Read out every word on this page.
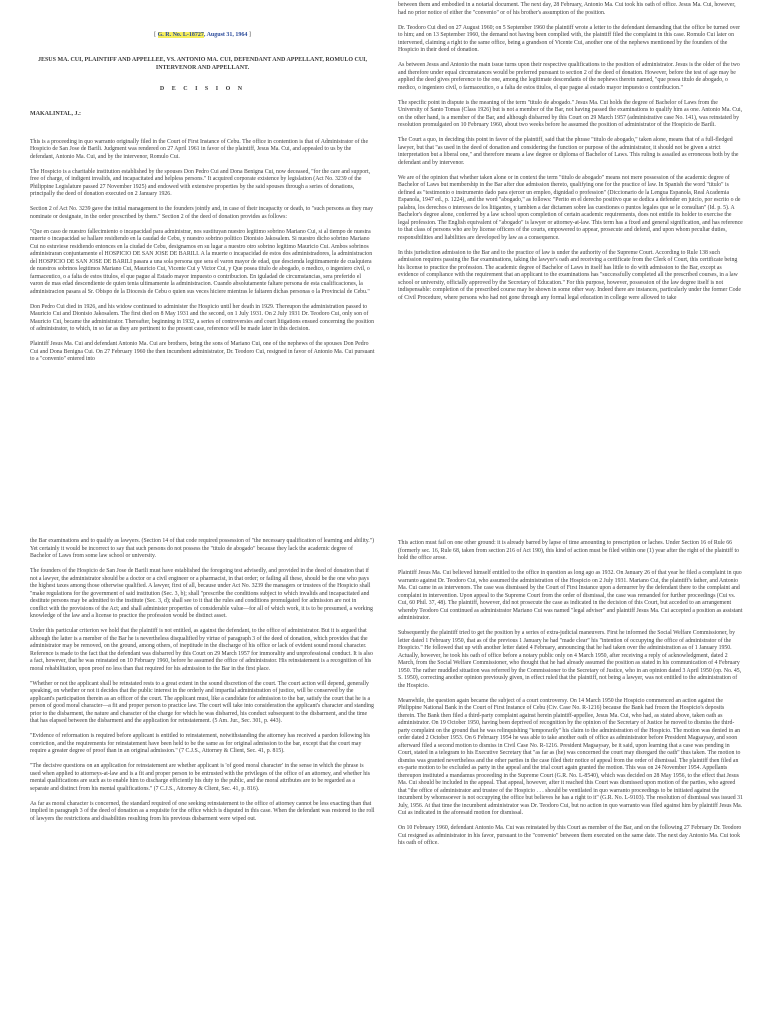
[ G. R. No. L-18727, August 31, 1964 ]

JESUS MA. CUI, PLAINTIFF AND APPELLEE, VS. ANTONIO MA. CUI, DEFENDANT AND APPELLANT, ROMULO CUI, INTERVENOR AND APPELLANT.

D E C I S I O N

MAKALINTAL, J.:

This is a proceeding in quo warranto originally filed in the Court of First Instance of Cebu. The office in contention is that of Administrator of the Hospicio de San Jose de Barili. Judgment was rendered on 27 April 1961 in favor of the plaintiff, Jesus Ma. Cui, and appealed to us by the defendant, Antonio Ma. Cui, and by the intervenor, Romulo Cui.

The Hospicio is a charitable institution established by the spouses Don Pedro Cui and Dona Benigna Cui, now deceased, "for the care and support, free of charge, of indigent invalids, and incapacitated and helpless persons." It acquired corporate existence by legislation (Act No. 3239 of the Philippine Legislature passed 27 November 1925) and endowed with extensive properties by the said spouses through a series of donations, principally the deed of donation executed on 2 January 1926.

Section 2 of Act No. 3239 gave the initial management to the founders jointly and, in case of their incapacity or death, to "such persons as they may nominate or designate, in the order prescribed by them." Section 2 of the deed of donation provides as follows:

"Que en caso de nuestro fallecimiento o incapacidad para administrar, nos sustituyan nuestro legitimo sobrino Mariano Cui, si al tiempo de nuestra muerte o incapacidad se hallare residiendo en la caudad de Cebu, y nuestro sobrino politico Dionisio Jakosalem. Si nuestro dicho sobrino Mariano Cui no estuviese residiendo entonces en la ciudad de Cebu, designamos en su lugar a nuestro otro sobrino legitimo Mauricio Cui. Ambos sobrinos administraran conjuntamente el HOSPICIO DE SAN JOSE DE BARILI. A la muerte o incapacidad de estos dos administradores, la administracion del HOSPICIO DE SAN JOSE DE BARILI pasara a una sola persona que sera el varon mayor de edad, que descienda legitimamente de cualquiera de nuestros sobrinos legitimos Mariano Cui, Mauricio Cui, Vicente Cui y Victor Cui, y Que posea titulo de abogado, o medico, o ingeniero civil, o farmaceutico, o a falta de estos titulos, el que pague al Estado mayor impuesto o contribucion. En iguladad de circumstancias, sera preferido el varon de mas edad descendiente de quien tenia ultimamente la administracion. Cuando absolutamente faltare persona de esta cualificaciones, la administracion pasara al Sr. Obispo de la Diocesis de Cebu o quien sus veces hiciere mientras le faltaren dichas personas o la Provincial de Cebu."

Don Pedro Cui died in 1926, and his widow continued to administer the Hospicio until her death in 1929. Thereupon the administration passed to Mauricio Cui and Dionisio Jakosalem. The first died on 8 May 1931 and the second, on 1 July 1931. On 2 July 1931 Dr. Teodoro Cui, only son of Mauricio Cui, became the administrator. Thereafter, beginning in 1932, a series of controversies and court litigations ensued concerning the position of administrator, to which, in so far as they are pertinent to the present case, reference will be made later in this decision.

Plaintiff Jesus Ma. Cui and defendant Antonio Ma. Cui are brothers, being the sons of Mariano Cui, one of the nephews of the spouses Don Pedro Cui and Dona Benigna Cui. On 27 February 1960 the then incumbent administrator, Dr. Teodoro Cui, resigned in favor of Antonio Ma. Cui pursuant to a "convenio" entered into

between them and embodied in a notarial document. The next day, 28 February, Antonio Ma. Cui took his oath of office. Jesus Ma. Cui, however, had no prior notice of either the "convenio" or of his brother's assumption of the position.

Dr. Teodoro Cui died on 27 August 1960; on 5 September 1960 the plaintiff wrote a letter to the defendant demanding that the office be turned over to him; and on 13 September 1960, the demand not having been complied with, the plaintiff filed the complaint in this case. Romulo Cui later on intervened, claiming a right to the same office, being a grandson of Vicente Cui, another one of the nephews mentioned by the founders of the Hospicio in their deed of donation.

As between Jesus and Antonio the main issue turns upon their respective qualifications to the position of administrator. Jesus is the older of the two and therefore under equal circumstances would be preferred pursuant to section 2 of the deed of donation. However, before the test of age may be applied the deed gives preference to the one, among the legitimate descendants of the nephews therein named, "que posea titulo de abogado, o medico, o ingeniero civil, o farmaceutico, o a falta de estos titulos, el que pague al estado mayor impuesto o contribucion."

The specific point in dispute is the meaning of the term "titulo de abogado." Jesus Ma. Cui holds the degree of Bachelor of Laws from the University of Santo Tomas (Class 1926) but is not a member of the Bar, not having passed the examinations to qualify him as one. Antonio Ma. Cui, on the other hand, is a member of the Bar, and although disbarred by this Court on 29 March 1957 (administrative case No. 141), was reinstated by resolution promulgated on 10 February 1960, about two weeks before he assumed the position of administrator of the Hospicio de Barili.

The Court a quo, in deciding this point in favor of the plaintiff, said that the phrase "titulo de abogado," taken alone, means that of a full-fledged lawyer, but that "as used in the deed of donation and considering the function or purpose of the administrator, it should not be given a strict interpretation but a liberal one," and therefore means a law degree or diploma of Bachelor of Laws. This ruling is assailed as erroneous both by the defendant and by intervenor.

We are of the opinion that whether taken alone or in context the term "titulo de abogado" means not mere possession of the academic degree of Bachelor of Laws but membership in the Bar after due admission thereto, qualifying one for the practice of law. In Spanish the word "titulo" is defined as "testimonio o instrumento dado para ejercer un empleo, dignidad o profession" (Diccionario de la Lengua Espanola, Real Academia Espanola, 1947 ed., p. 1224), and the word "abogado," as follows: "Perito en el derecho positivo que se dedica a defender en juicio, por escrito o de palabra, los derechos o intereses de los litigantes, y tambien a dar dictamen sobre las cuestiones o puntos legales que se le consultan" (Id. p. 5). A Bachelor's degree alone, conferred by a law school upon completion of certain academic requirements, does not entitle its holder to exercise the legal profession. The English equivalent of "abogado" is lawyer or attorney-at-law. This term has a fixed and general signification, and has reference to that class of persons who are by license officers of the courts, empowered to appear, prosecute and defend, and upon whom peculiar duties, responsibilities and liabilities are developed by law as a consequence.

In this jurisdiction admission to the Bar and to the practice of law is under the authority of the Supreme Court. According to Rule 138 such admission requires passing the Bar examinations, taking the lawyer's oath and receiving a certificate from the Clerk of Court, this certificate being his license to practice the profession. The academic degree of Bachelor of Laws in itself has little to do with admission to the Bar, except as evidence of compliance with the requirement that an applicant to the examinations has "successfully completed all the prescribed courses, in a law school or university, officially approved by the Secretary of Education." For this purpose, however, possession of the law degree itself is not indispensable: completion of the prescribed course may be shown in some other way. Indeed there are instances, particularly under the former Code of Civil Procedure, where persons who had not gone through any formal legal education in college were allowed to take

the Bar examinations and to qualify as lawyers. (Section 14 of that code required possession of "the necessary qualification of learning and ability.") Yet certainly it would be incorrect to say that such persons do not possess the "titulo de abogado" because they lack the academic degree of Bachelor of Laws from some law school or university.

The founders of the Hospicio de San Jose de Barili must have established the foregoing test advisedly, and provided in the deed of donation that if not a lawyer, the administrator should be a doctor or a civil engineer or a pharmacist, in that order; or failing all these, should be the one who pays the highest taxes among those otherwise qualified. A lawyer, first of all, because under Act No. 3239 the managers or trustees of the Hospicio shall "make regulations for the government of said institution (Sec. 3, b); shall "prescribe the conditions subject to which invalids and incapacitated and destitute persons may be admitted to the institute (Sec. 3, d); shall see to it that the rules and conditions promulgated for admission are not in conflict with the provisions of the Act; and shall administer properties of considerable value—for all of which work, it is to be presumed, a working knowledge of the law and a license to practice the profession would be distinct asset.

Under this particular criterion we hold that the plaintiff is not entitled, as against the defendant, to the office of administrator. But it is argued that although the latter is a member of the Bar he is nevertheless disqualified by virtue of paragraph 3 of the deed of donation, which provides that the administrator may be removed, on the ground, among others, of ineptitude in the discharge of his office or lack of evident sound moral character. Reference is made to the fact that the defendant was disbarred by this Court on 29 March 1957 for immorality and unprofessional conduct. It is also a fact, however, that he was reinstated on 10 February 1960, before he assumed the office of administrator. His reinstatement is a recognition of his moral rehabilitation, upon proof no less than that required for his admission to the Bar in the first place.

"Whether or not the applicant shall be reinstated rests to a great extent in the sound discretion of the court. The court action will depend, generally speaking, on whether or not it decides that the public interest in the orderly and impartial administration of justice, will be conserved by the applicant's participation therein as an officer of the court. The applicant must, like a candidate for admission to the bar, satisfy the court that he is a person of good moral character—a fit and proper person to practice law. The court will take into consideration the applicant's character and standing prior to the disbarment, the nature and character of the charge for which he was disbarred, his conduct subsequent to the disbarment, and the time that has elapsed between the disbarment and the application for reinstatement. (5 Am. Jur., Sec. 301, p. 443).

"Evidence of reformation is required before applicant is entitled to reinstatement, notwithstanding the attorney has received a pardon following his conviction, and the requirements for reinstatement have been held to be the same as for original admission to the bar, except that the court may require a greater degree of proof than in an original admission." (7 C.J.S., Attorney & Client, Sec. 41, p. 815).

"The decisive questions on an application for reinstatement are whether applicant is 'of good moral character' in the sense in which the phrase is used when applied to attorneys-at-law and is a fit and proper person to be entrusted with the privileges of the office of an attorney, and whether his mental qualifications are such as to enable him to discharge efficiently his duty to the public, and the moral attributes are to be regarded as a separate and distinct from his mental qualifications." (7 C.J.S., Attorney & Client, Sec. 41, p. 816).

As far as moral character is concerned, the standard required of one seeking reinstatement to the office of attorney cannot be less exacting than that implied in paragraph 3 of the deed of donation as a requisite for the office which is disputed in this case. When the defendant was restored to the roll of lawyers the restrictions and disabilities resulting from his previous disbarment were wiped out.

This action must fail on one other ground: it is already barred by lapse of time amounting to prescription or laches. Under Section 16 of Rule 66 (formerly sec. 16, Rule 68, taken from section 216 of Act 190), this kind of action must be filed within one (1) year after the right of the plaintiff to hold the office arose.

Plaintiff Jesus Ma. Cui believed himself entitled to the office in question as long ago as 1932. On January 26 of that year he filed a complaint in quo warranto against Dr. Teodoro Cui, who assumed the administration of the Hospicio on 2 July 1931. Mariano Cui, the plaintiff's father, and Antonio Ma. Cui came in as intervenors. The case was dismissed by the Court of First Instance upon a demurrer by the defendant there to the complaint and complaint in intervention. Upon appeal to the Supreme Court from the order of dismissal, the case was remanded for further proceedings (Cui vs. Cui, 60 Phil. 37, 48). The plaintiff, however, did not prosecute the case as indicated in the decision of this Court, but acceded to an arrangement whereby Teodoro Cui continued as administrator Mariano Cui was named "legal adviser" and plaintiff Jesus Ma. Cui accepted a position as assistant administrator.

Subsequently the plaintiff tried to get the position by a series of extra-judicial maneuvers. First he informed the Social Welfare Commissioner, by letter dated 1 February 1950, that as of the previous 1 January he had "made clear" his "intention of occupying the office of administrator of the Hospicio." He followed that up with another letter dated 4 February, announcing that he had taken over the administration as of 1 January 1950. Actually, however, he took his oath of office before a notary public only on 4 March 1950, after receiving a reply of acknowledgment, dated 2 March, from the Social Welfare Commissioner, who thought that he had already assumed the position as stated in his communication of 4 February 1950. The rather muddled situation was referred by the Commissioner to the Secretary of Justice, who in an opinion dated 3 April 1950 (op. No. 45, S. 1950), correcting another opinion previously given, in effect ruled that the plaintiff, not being a lawyer, was not entitled to the administration of the Hospicio.

Meanwhile, the question again became the subject of a court controversy. On 14 March 1950 the Hospicio commenced an action against the Philippine National Bank in the Court of First Instance of Cebu (Civ. Case No. R-1216) because the Bank had frozen the Hospicio's deposits therein. The Bank then filed a third-party complaint against herein plaintiff-appellee, Jesus Ma. Cui, who had, as stated above, taken oath as administrator. On 19 October 1950, having been deprived of recognition by the opinion of the Secretary of Justice he moved to dismiss the third-party complaint on the ground that he was relinquishing "temporarily" his claim to the administration of the Hospicio. The motion was denied in an order dated 2 October 1953. On 6 February 1954 he was able to take another oath of office as administrator before President Magsaysay, and soon afterward filed a second motion to dismiss in Civil Case No. R-1216. President Magsaysay, be it said, upon learning that a case was pending in Court, stated in a telegram to his Executive Secretary that "as far as (he) was concerned the court may disregard the oath" thus taken. The motion to dismiss was granted nevertheless and the other parties in the case filed their notice of appeal from the order of dismissal. The plaintiff then filed an ex-parte motion to be excluded as party in the appeal and the trial court again granted the motion. This was on 24 November 1954. Appellants thereupon instituted a mandamus proceeding in the Supreme Court (G.R. No. L-8540), which was decided on 28 May 1956, to the effect that Jesus Ma. Cui should be included in the appeal. That appeal, however, after it reached this Court was dismissed upon motion of the parties, who agreed that "the office of administrator and trustee of the Hospicio . . . should be ventilated in quo warranto proceedings to be initiated against the incumbent by whomsoever is not occupying the office but believes he has a right to it" (G.R. No. L-9103). The resolution of dismissal was issued 31 July, 1956. At that time the incumbent administrator was Dr. Teodoro Cui, but no action in quo warranto was filed against him by plaintiff Jesus Ma. Cui as indicated in the aforesaid motion for dismissal.

On 10 February 1960, defendant Antonio Ma. Cui was reinstated by this Court as member of the Bar, and on the following 27 February Dr. Teodoro Cui resigned as administrator in his favor, pursuant to the "convenio" between them executed on the same date. The next day Antonio Ma. Cui took his oath of office.
